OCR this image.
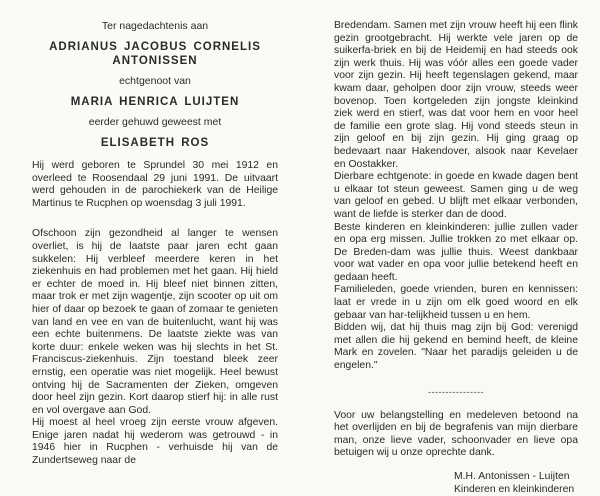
Ter nagedachtenis aan
ADRIANUS JACOBUS CORNELIS
ANTONISSEN
echtgenoot van
MARIA HENRICA LUIJTEN
eerder gehuwd geweest met
ELISABETH ROS
Hij werd geboren te Sprundel 30 mei 1912 en overleed te Roosendaal 29 juni 1991. De uitvaart werd gehouden in de parochiekerk van de Heilige Martinus te Rucphen op woensdag 3 juli 1991.
Ofschoon zijn gezondheid al langer te wensen overliet, is hij de laatste paar jaren echt gaan sukkelen: Hij verbleef meerdere keren in het ziekenhuis en had problemen met het gaan. Hij hield er echter de moed in. Hij bleef niet binnen zitten, maar trok er met zijn wagentje, zijn scooter op uit om hier of daar op bezoek te gaan of zomaar te genieten van land en vee en van de buitenlucht, want hij was een echte buitenmens. De laatste ziekte was van korte duur: enkele weken was hij slechts in het St. Franciscus-ziekenhuis. Zijn toestand bleek zeer ernstig, een operatie was niet mogelijk. Heel bewust ontving hij de Sacramenten der Zieken, omgeven door heel zijn gezin. Kort daarop stierf hij: in alle rust en vol overgave aan God.
Hij moest al heel vroeg zijn eerste vrouw afgeven. Enige jaren nadat hij wederom was getrouwd - in 1946 hier in Rucphen - verhuisde hij van de Zundertseweg naar de
Bredendam. Samen met zijn vrouw heeft hij een flink gezin grootgebracht. Hij werkte vele jaren op de suikerfa-briek en bij de Heidemij en had steeds ook zijn werk thuis. Hij was vóór alles een goede vader voor zijn gezin. Hij heeft tegenslagen gekend, maar kwam daar, geholpen door zijn vrouw, steeds weer bovenop. Toen kortgeleden zijn jongste kleinkind ziek werd en stierf, was dat voor hem en voor heel de familie een grote slag. Hij vond steeds steun in zijn geloof en bij zijn gezin. Hij ging graag op bedevaart naar Hakendover, alsook naar Kevelaer en Oostakker.
Dierbare echtgenote: in goede en kwade dagen bent u elkaar tot steun geweest. Samen ging u de weg van geloof en gebed. U blijft met elkaar verbonden, want de liefde is sterker dan de dood.
Beste kinderen en kleinkinderen: jullie zullen vader en opa erg missen. Jullie trokken zo met elkaar op. De Breden-dam was jullie thuis. Weest dankbaar voor wat vader en opa voor jullie betekend heeft en gedaan heeft.
Familieleden, goede vrienden, buren en kennissen: laat er vrede in u zijn om elk goed woord en elk gebaar van har-telijkheid tussen u en hem.
Bidden wij, dat hij thuis mag zijn bij God: verenigd met allen die hij gekend en bemind heeft, de kleine Mark en zovelen. "Naar het paradijs geleiden u de engelen."
----------------
Voor uw belangstelling en medeleven betoond na het overlijden en bij de begrafenis van mijn dierbare man, onze lieve vader, schoonvader en lieve opa betuigen wij u onze oprechte dank.
M.H. Antonissen - Luijten
Kinderen en kleinkinderen
